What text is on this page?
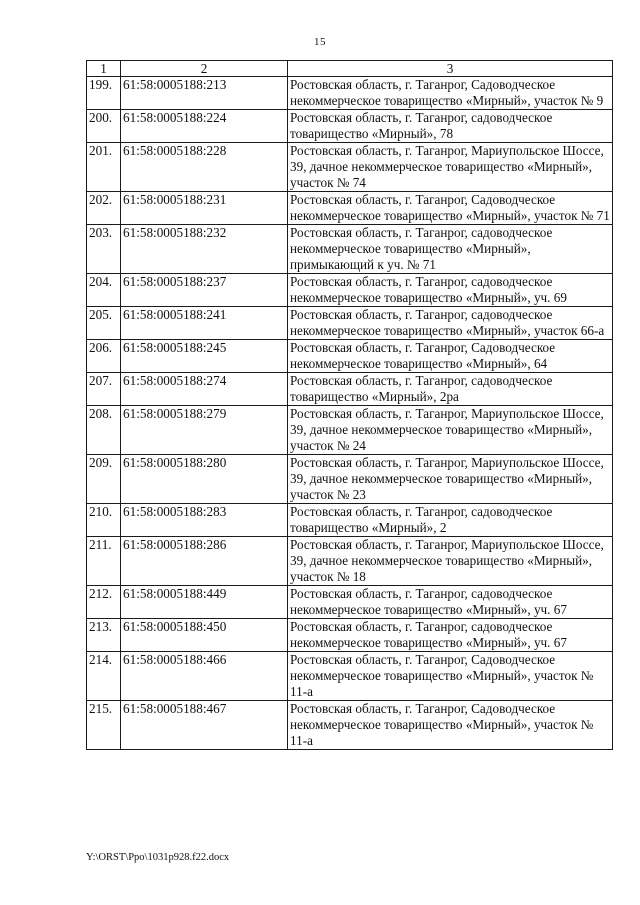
15
1	2	3
199.	61:58:0005188:213	Ростовская область, г. Таганрог, Садоводческое некоммерческое товарищество «Мирный», участок № 9
200.	61:58:0005188:224	Ростовская область, г. Таганрог, садоводческое товарищество «Мирный», 78
201.	61:58:0005188:228	Ростовская область, г. Таганрог, Мариупольское Шоссе, 39, дачное некоммерческое товарищество «Мирный», участок № 74
202.	61:58:0005188:231	Ростовская область, г. Таганрог, Садоводческое некоммерческое товарищество «Мирный», участок № 71
203.	61:58:0005188:232	Ростовская область, г. Таганрог, садоводческое некоммерческое товарищество «Мирный», примыкающий к уч. № 71
204.	61:58:0005188:237	Ростовская область, г. Таганрог, садоводческое некоммерческое товарищество «Мирный», уч. 69
205.	61:58:0005188:241	Ростовская область, г. Таганрог, садоводческое некоммерческое товарищество «Мирный», участок 66-а
206.	61:58:0005188:245	Ростовская область, г. Таганрог, Садоводческое некоммерческое товарищество «Мирный», 64
207.	61:58:0005188:274	Ростовская область, г. Таганрог, садоводческое товарищество «Мирный», 2ра
208.	61:58:0005188:279	Ростовская область, г. Таганрог, Мариупольское Шоссе, 39, дачное некоммерческое товарищество «Мирный», участок № 24
209.	61:58:0005188:280	Ростовская область, г. Таганрог, Мариупольское Шоссе, 39, дачное некоммерческое товарищество «Мирный», участок № 23
210.	61:58:0005188:283	Ростовская область, г. Таганрог, садоводческое товарищество «Мирный», 2
211.	61:58:0005188:286	Ростовская область, г. Таганрог, Мариупольское Шоссе, 39, дачное некоммерческое товарищество «Мирный», участок № 18
212.	61:58:0005188:449	Ростовская область, г. Таганрог, садоводческое некоммерческое товарищество «Мирный», уч. 67
213.	61:58:0005188:450	Ростовская область, г. Таганрог, садоводческое некоммерческое товарищество «Мирный», уч. 67
214.	61:58:0005188:466	Ростовская область, г. Таганрог, Садоводческое некоммерческое товарищество «Мирный», участок № 11-а
215.	61:58:0005188:467	Ростовская область, г. Таганрог, Садоводческое некоммерческое товарищество «Мирный», участок № 11-а
Y:\ORST\Ppo\1031p928.f22.docx
